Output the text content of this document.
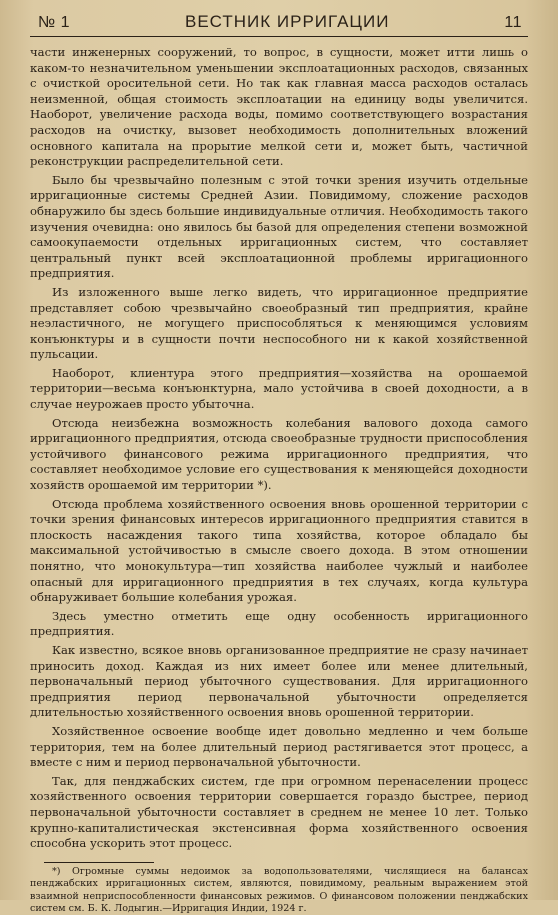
№ 1	ВЕСТНИК ИРРИГАЦИИ	11

части инженерных сооружений, то вопрос, в сущности, может итти лишь о каком-то незначительном уменьшении эксплоатационных расходов, связанных с очисткой оросительной сети. Но так как главная масса расходов осталась неизменной, общая стоимость эксплоатации на единицу воды увеличится. Наоборот, увеличение расхода воды, помимо соответствующего возрастания расходов на очистку, вызовет необходимость дополнительных вложений основного капитала на прорытие мелкой сети и, может быть, частичной реконструкции распределительной сети.

Было бы чрезвычайно полезным с этой точки зрения изучить отдельные ирригационные системы Средней Азии. Повидимому, сложение расходов обнаружило бы здесь большие индивидуальные отличия. Необходимость такого изучения очевидна: оно явилось бы базой для определения степени возможной самоокупаемости отдельных ирригационных систем, что составляет центральный пункт всей эксплоатационной проблемы ирригационного предприятия.

Из изложенного выше легко видеть, что ирригационное предприятие представляет собою чрезвычайно своеобразный тип предприятия, крайне неэластичного, не могущего приспособляться к меняющимся условиям конъюнктуры и в сущности почти неспособного ни к какой хозяйственной пульсации.

Наоборот, клиентура этого предприятия—хозяйства на орошаемой территории—весьма конъюнктурна, мало устойчива в своей доходности, а в случае неурожаев просто убыточна.

Отсюда неизбежна возможность колебания валового дохода самого ирригационного предприятия, отсюда своеобразные трудности приспособления устойчивого финансового режима ирригационного предприятия, что составляет необходимое условие его существования к меняющейся доходности хозяйств орошаемой им территории *).

Отсюда проблема хозяйственного освоения вновь орошенной территории с точки зрения финансовых интересов ирригационного предприятия ставится в плоскость насаждения такого типа хозяйства, которое обладало бы максимальной устойчивостью в смысле своего дохода. В этом отношении понятно, что монокультура—тип хозяйства наиболее чужлый и наиболее опасный для ирригационного предприятия в тех случаях, когда культура обнаруживает большие колебания урожая.

Здесь уместно отметить еще одну особенность ирригационного предприятия.

Как известно, всякое вновь организованное предприятие не сразу начинает приносить доход. Каждая из них имеет более или менее длительный, первоначальный период убыточного существования. Для ирригационного предприятия период первоначальной убыточности определяется длительностью хозяйственного освоения вновь орошенной территории.

Хозяйственное освоение вообще идет довольно медленно и чем больше территория, тем на более длительный период растягивается этот процесс, а вместе с ним и период первоначальной убыточности.

Так, для пенджабских систем, где при огромном перенаселении процесс хозяйственного освоения территории совершается гораздо быстрее, период первоначальной убыточности составляет в среднем не менее 10 лет. Только крупно-капиталистическая экстенсивная форма хозяйственного освоения способна ускорить этот процесс.

*) Огромные суммы недоимок за водопользователями, числящиеся на балансах пенджабских ирригационных систем, являются, повидимому, реальным выражением этой взаимной неприспособленности финансовых режимов. О финансовом положении пенджабских систем см. Б. К. Лодыгин.—Ирригация Индии, 1924 г.
